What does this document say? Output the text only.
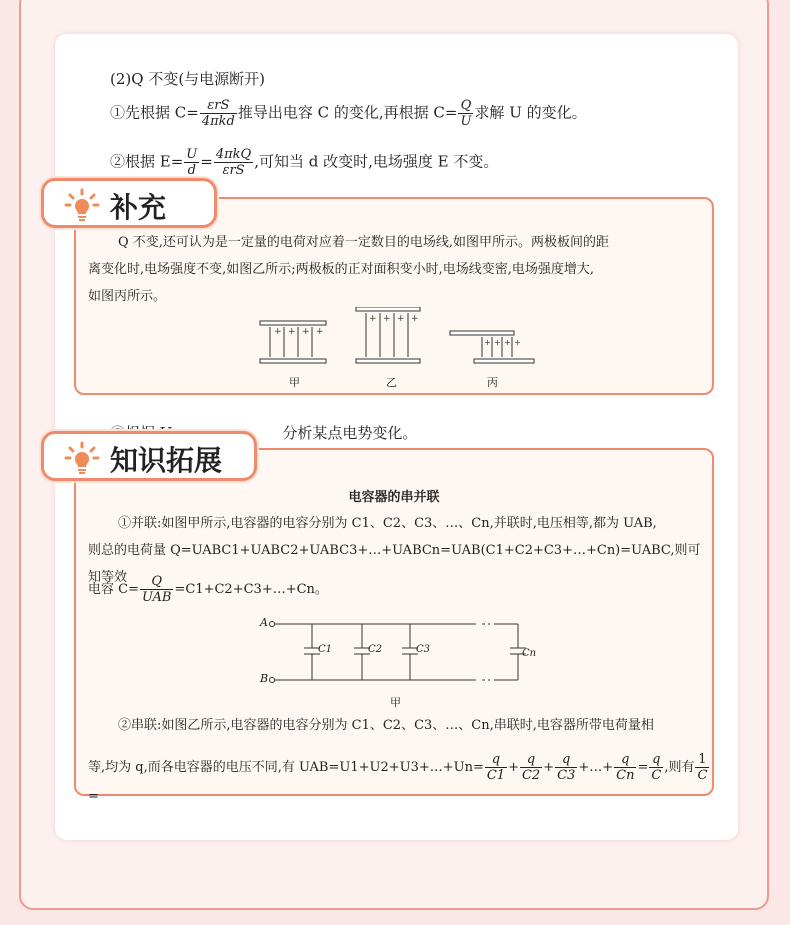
(2)Q 不变(与电源断开)
①先根据 $C= \frac{\text{εrS}}{\text{4πkd}}$ 推导出电容 C 的变化,再根据 $C= \frac{Q}{U}$ 求解 U 的变化。
②根据 $E= \frac{U}{d} = \frac{\text{4πkQ}}{\text{εrS}}$ ,可知当 d 改变时,电场强度 E 不变。
Q 不变,还可认为是一定量的电荷对应着一定数目的电场线,如图甲所示。两极板间的距
离变化时,电场强度不变,如图乙所示;两极板的正对面积变小时,电场线变密,电场强度增大,
如图丙所示。
+ + + +
+ + + +
+ + + +
甲	乙	丙
补充
分析某点电势变化。
电容器的串并联
①并联:如图甲所示,电容器的电容分别为 C1、C2、C3、…、Cn,并联时,电压相等,都为 UAB,
则总的电荷量 Q=UABC1+UABC2+UABC3+…+UABCn=UAB(C1+C2+C3+…+Cn)=UABC,则可知等效
电容 $C= \frac{Q}{\text{UAB}}$ =C1+C2+C3+…+Cn。
A
B
C1	C2	C3	Cn
甲
②串联:如图乙所示,电容器的电容分别为 C1、C2、C3、…、Cn,串联时,电容器所带电荷量相
等,均为 q,而各电容器的电压不同,有 UAB=U1+U2+U3+…+Un= $\frac{q}{C1} + \frac{q}{C2} + \frac{q}{C3}$ +…+ $\frac{q}{Cn} = \frac{q}{C}$ ,则有 $\frac{1}{C}$
=
知识拓展
